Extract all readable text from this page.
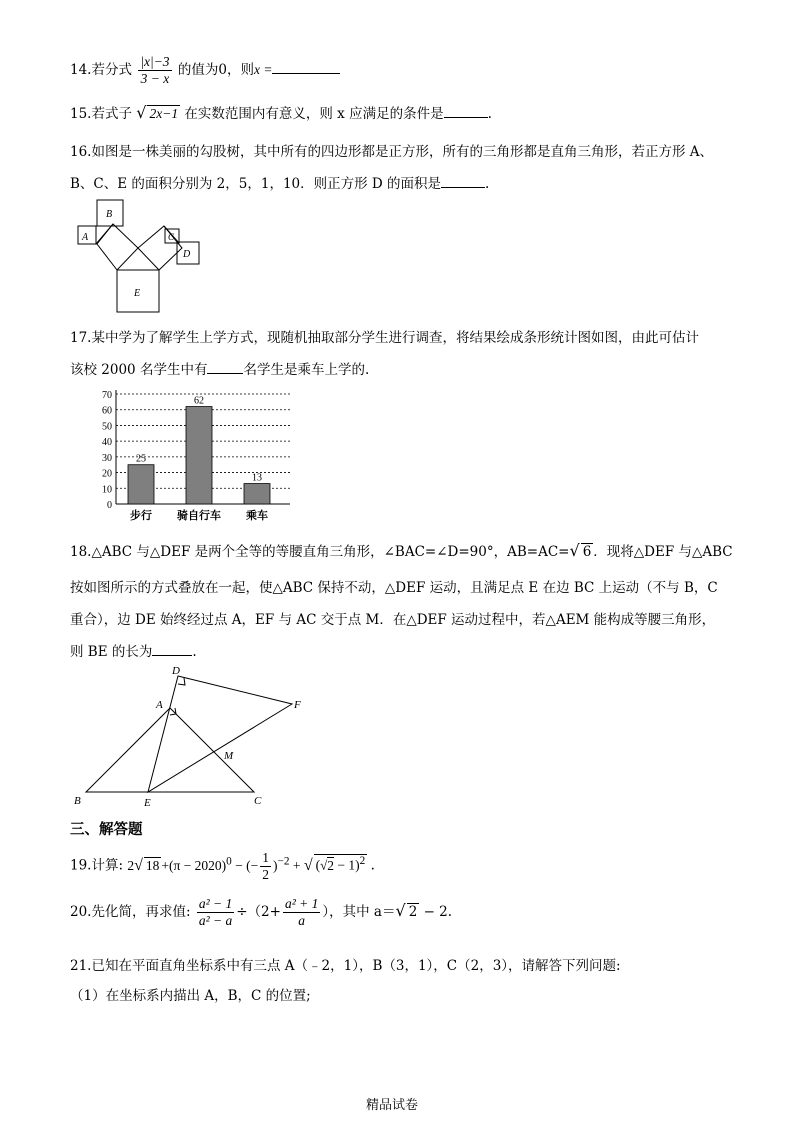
14.若分式 $\frac{|x|-3}{3 - x}$ 的值为0，则x =
15.若式子 √ 2x−1 在实数范围内有意义，则 x 应满足的条件是	.
16.如图是一株美丽的勾股树，其中所有的四边形都是正方形，所有的三角形都是直角三角形，若正方形 A、
B、C、E 的面积分别为 2，5，1，10．则正方形 D 的面积是	.
A
B
C
D
E
17.某中学为了解学生上学方式，现随机抽取部分学生进行调查，将结果绘成条形统计图如图，由此可估计
该校 2000 名学生中有	名学生是乘车上学的.
0
10
20
30
40
50
60
70
25
步行
62
骑自行车
13
乘车
18.△ABC 与△DEF 是两个全等的等腰直角三角形，∠BAC=∠D=90°，AB=AC=√ 6 ．现将△DEF 与△ABC
按如图所示的方式叠放在一起，使△ABC 保持不动，△DEF 运动，且满足点 E 在边 BC 上运动（不与 B，C
重合），边 DE 始终经过点 A，EF 与 AC 交于点 M．在△DEF 运动过程中，若△AEM 能构成等腰三角形，
则 BE 的长为	.
D
A	F
M
B	E	C
三、解答题
19.计算: 2√ $18 +(\pi - 2020)^0$ − (− $\frac{1}{2} )^{-2}$ + √ $(√2 - 1)^2$ .
20.先化简，再求值: $\frac{\text{a² − 1}}{\text{a² − a}} \div(2+ \frac{\text{a² + 1}}{a}$ ），其中 a＝√ 2 − 2.
21.已知在平面直角坐标系中有三点 A（﹣2，1），B（3，1），C（2，3），请解答下列问题:
（1）在坐标系内描出 A，B，C 的位置;
精品试卷
